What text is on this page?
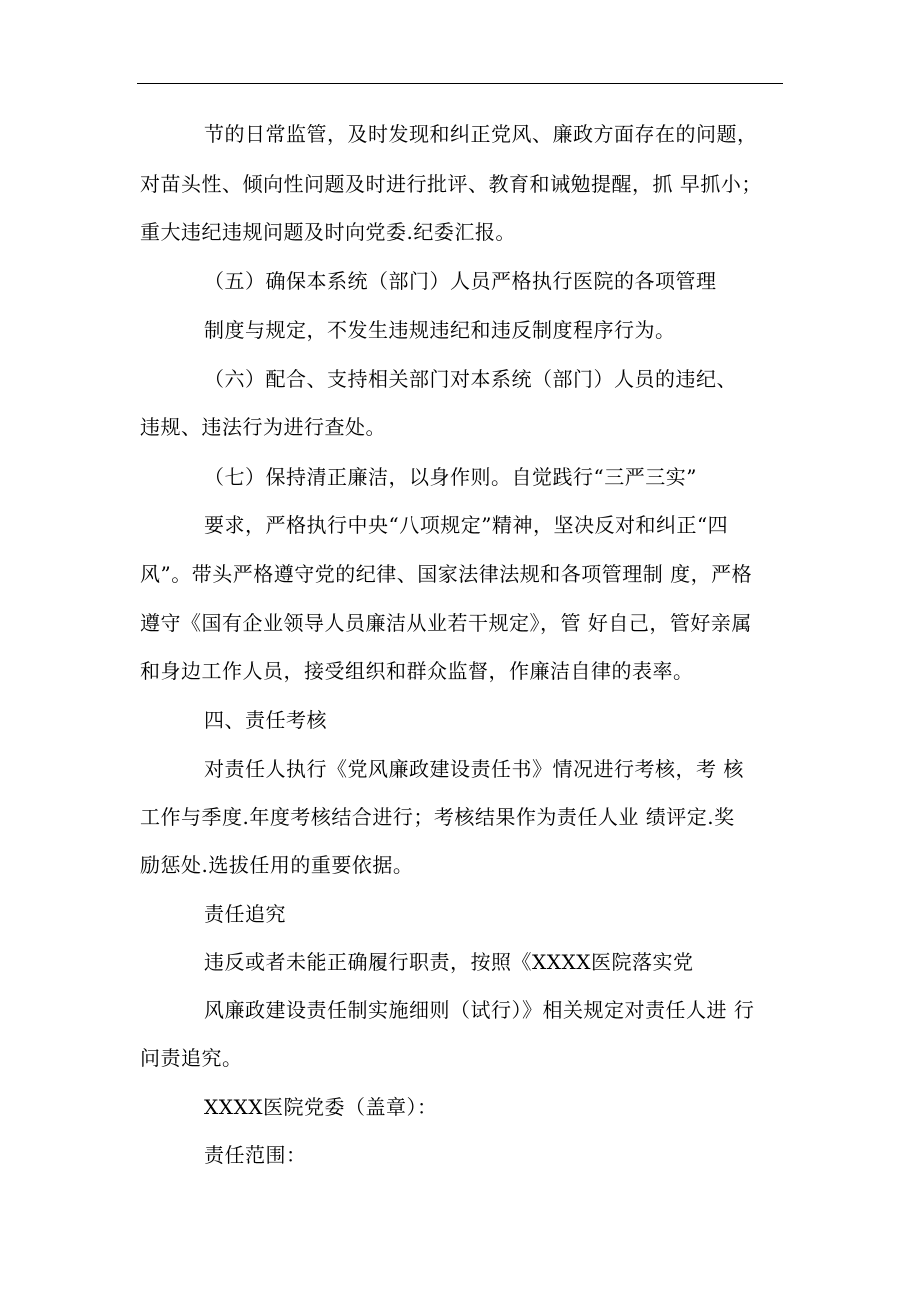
节的日常监管，及时发现和纠正党风、廉政方面存在的问题，
对苗头性、倾向性问题及时进行批评、教育和诫勉提醒，抓 早抓小；
重大违纪违规问题及时向党委.纪委汇报。
（五）确保本系统（部门）人员严格执行医院的各项管理
制度与规定，不发生违规违纪和违反制度程序行为。
（六）配合、支持相关部门对本系统（部门）人员的违纪、
违规、违法行为进行查处。
（七）保持清正廉洁，以身作则。自觉践行“三严三实”
要求，严格执行中央“八项规定”精神，坚决反对和纠正“四
风”。带头严格遵守党的纪律、国家法律法规和各项管理制 度，严格
遵守《国有企业领导人员廉洁从业若干规定》，管 好自己，管好亲属
和身边工作人员，接受组织和群众监督，作廉洁自律的表率。
四、责任考核
对责任人执行《党风廉政建设责任书》情况进行考核，考 核
工作与季度.年度考核结合进行；考核结果作为责任人业 绩评定.奖
励惩处.选拔任用的重要依据。
责任追究
违反或者未能正确履行职责，按照《XXXX医院落实党
风廉政建设责任制实施细则（试行）》相关规定对责任人进 行
问责追究。
XXXX医院党委（盖章）：
责任范围：
